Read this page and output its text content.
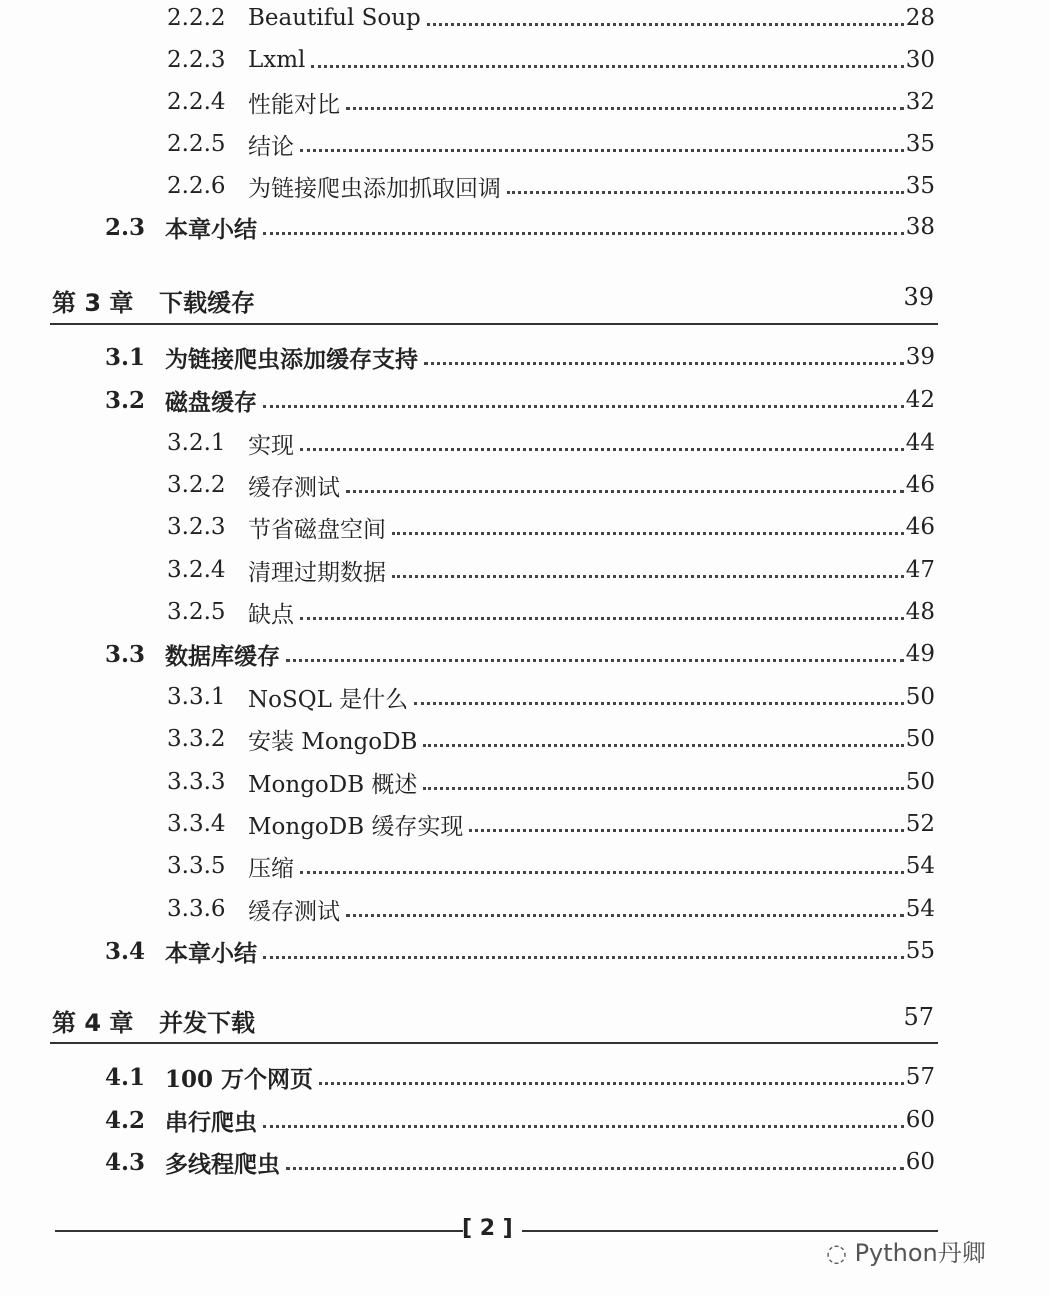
2.2.2 Beautiful Soup	28
2.2.3 Lxml	30
2.2.4 性能对比	32
2.2.5 结论	35
2.2.6 为链接爬虫添加抓取回调	35
2.3 本章小结	38
第 3 章 下载缓存	39
3.1 为链接爬虫添加缓存支持	39
3.2 磁盘缓存	42
3.2.1 实现	44
3.2.2 缓存测试	46
3.2.3 节省磁盘空间	46
3.2.4 清理过期数据	47
3.2.5 缺点	48
3.3 数据库缓存	49
3.3.1 NoSQL 是什么	50
3.3.2 安装 MongoDB	50
3.3.3 MongoDB 概述	50
3.3.4 MongoDB 缓存实现	52
3.3.5 压缩	54
3.3.6 缓存测试	54
3.4 本章小结	55
第 4 章 并发下载	57
4.1 100 万个网页	57
4.2 串行爬虫	60
4.3 多线程爬虫	60
[ 2 ]
◌ Python丹卿
